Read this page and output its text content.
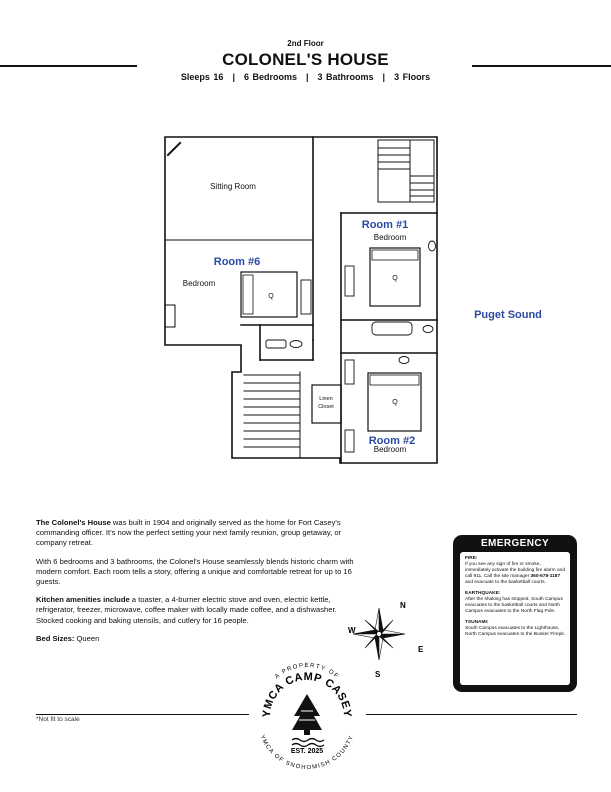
2nd Floor
COLONEL'S HOUSE
Sleeps 16 | 6 Bedrooms | 3 Bathrooms | 3 Floors
Sitting Room
Room #6
Bedroom
Q
Room #1
Bedroom
Q
Q
Room #2
Bedroom
Linen
Closet
Puget Sound
N
E
S
W
A PROPERTY OF
YMCA CAMP CASEY
EST. 2025
YMCA OF SNOHOMISH COUNTY

The Colonel's House was built in 1904 and originally served as the home for Fort Casey's commanding officer. It's now the perfect setting your next family reunion, group getaway, or company retreat.

With 6 bedrooms and 3 bathrooms, the Colonel's House seamlessly blends historic charm with modern comfort. Each room tells a story, offering a unique and comfortable retreat for up to 16 guests.

Kitchen amenities include a toaster, a 4-burner electric stove and oven, electric kettle, refrigerator, freezer, microwave, coffee maker with locally made coffee, and a dishwasher. Stocked cooking and baking utensils, and cutlery for 16 people.

Bed Sizes: Queen

EMERGENCY
FIRE:
If you see any sign of fire or smoke, immediately activate the building fire alarm and call 911. Call the site manager 360-678-1187 and evacuate to the basketball courts.
EARTHQUAKE:
After the shaking has stopped, South Campus evacuates to the basketball courts and North Campus evacuates to the North Flag Pole.
TSUNAMI:
South Campus evacuates to the Lighthouse, North Campus evacuates to the Bunker Firepit.
*Not fit to scale
